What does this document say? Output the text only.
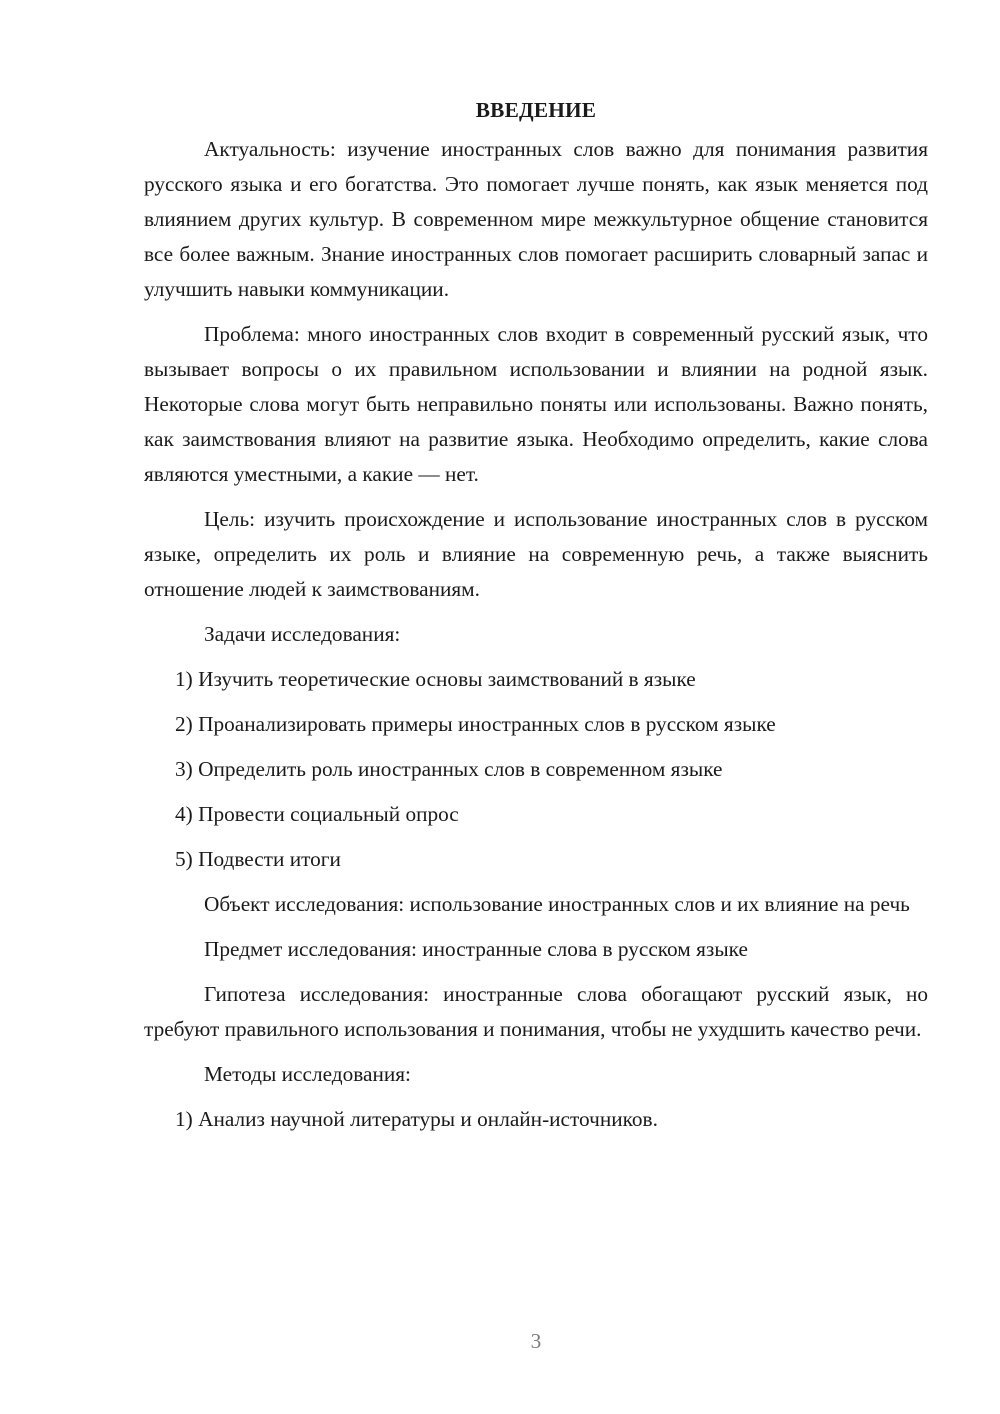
ВВЕДЕНИЕ

Актуальность: изучение иностранных слов важно для понимания развития русского языка и его богатства. Это помогает лучше понять, как язык меняется под влиянием других культур. В современном мире межкультурное общение становится все более важным. Знание иностранных слов помогает расширить словарный запас и улучшить навыки коммуникации.

Проблема: много иностранных слов входит в современный русский язык, что вызывает вопросы о их правильном использовании и влиянии на родной язык. Некоторые слова могут быть неправильно поняты или использованы. Важно понять, как заимствования влияют на развитие языка. Необходимо определить, какие слова являются уместными, а какие — нет.

Цель: изучить происхождение и использование иностранных слов в русском языке, определить их роль и влияние на современную речь, а также выяснить отношение людей к заимствованиям.

Задачи исследования:

1) Изучить теоретические основы заимствований в языке

2) Проанализировать примеры иностранных слов в русском языке

3) Определить роль иностранных слов в современном языке

4) Провести социальный опрос

5) Подвести итоги

Объект исследования: использование иностранных слов и их влияние на речь

Предмет исследования: иностранные слова в русском языке

Гипотеза исследования: иностранные слова обогащают русский язык, но требуют правильного использования и понимания, чтобы не ухудшить качество речи.

Методы исследования:

1) Анализ научной литературы и онлайн-источников.

3
